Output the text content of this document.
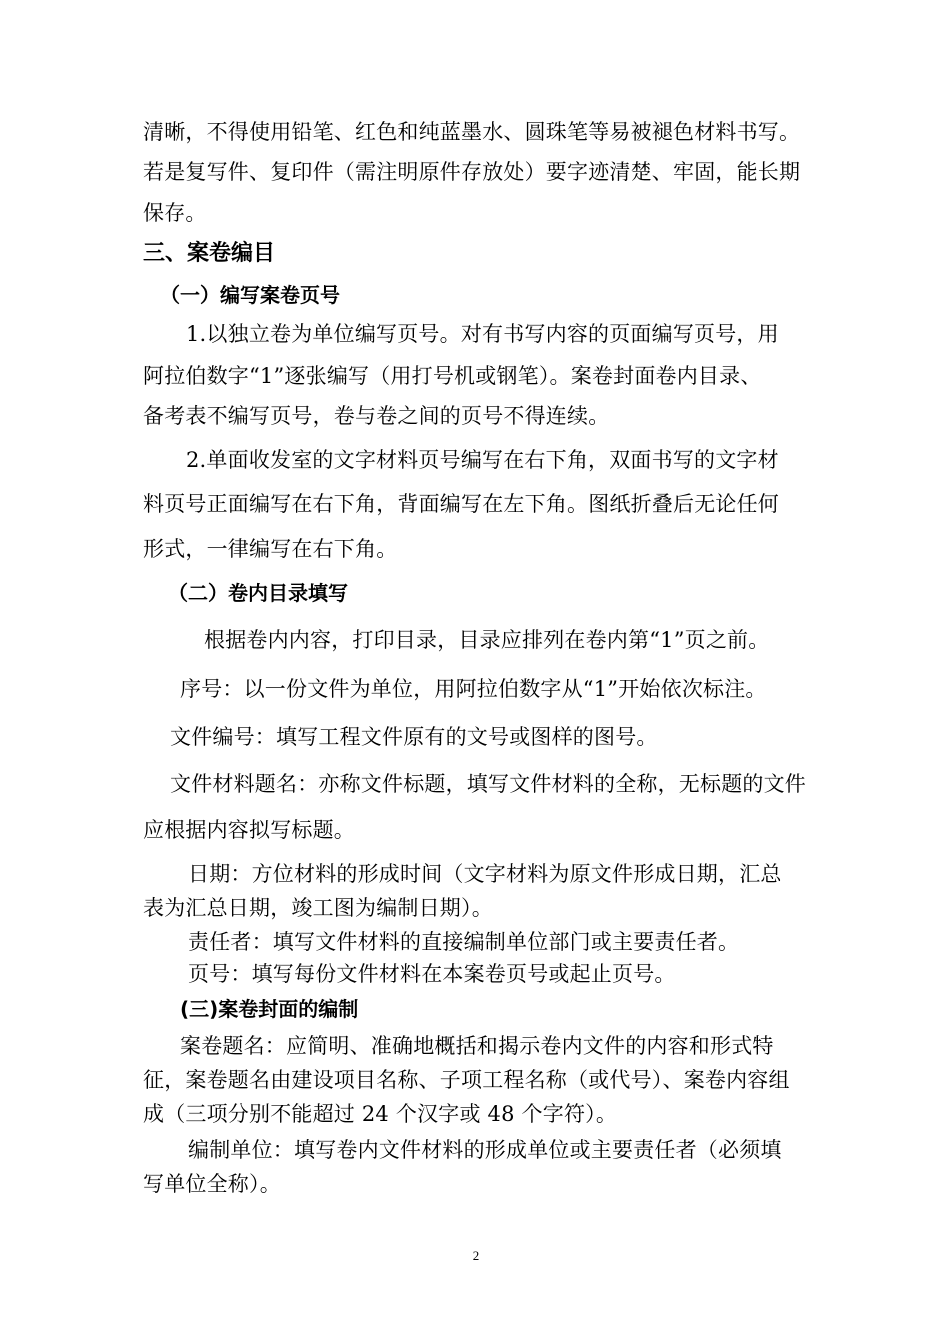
清晰，不得使用铅笔、红色和纯蓝墨水、圆珠笔等易被褪色材料书写。
若是复写件、复印件（需注明原件存放处）要字迹清楚、牢固，能长期
保存。
三、案卷编目
（一）编写案卷页号
1.以独立卷为单位编写页号。对有书写内容的页面编写页号，用
阿拉伯数字“1”逐张编写（用打号机或钢笔）。案卷封面卷内目录、
备考表不编写页号，卷与卷之间的页号不得连续。
2.单面收发室的文字材料页号编写在右下角，双面书写的文字材
料页号正面编写在右下角，背面编写在左下角。图纸折叠后无论任何
形式，一律编写在右下角。
（二）卷内目录填写
根据卷内内容，打印目录，目录应排列在卷内第“1”页之前。
序号：以一份文件为单位，用阿拉伯数字从“1”开始依次标注。
文件编号：填写工程文件原有的文号或图样的图号。
文件材料题名：亦称文件标题，填写文件材料的全称，无标题的文件
应根据内容拟写标题。
日期：方位材料的形成时间（文字材料为原文件形成日期，汇总
表为汇总日期，竣工图为编制日期）。
责任者：填写文件材料的直接编制单位部门或主要责任者。
页号：填写每份文件材料在本案卷页号或起止页号。
(三)案卷封面的编制
案卷题名：应简明、准确地概括和揭示卷内文件的内容和形式特
征，案卷题名由建设项目名称、子项工程名称（或代号）、案卷内容组
成（三项分别不能超过 24 个汉字或 48 个字符）。
编制单位：填写卷内文件材料的形成单位或主要责任者（必须填
写单位全称）。
2
